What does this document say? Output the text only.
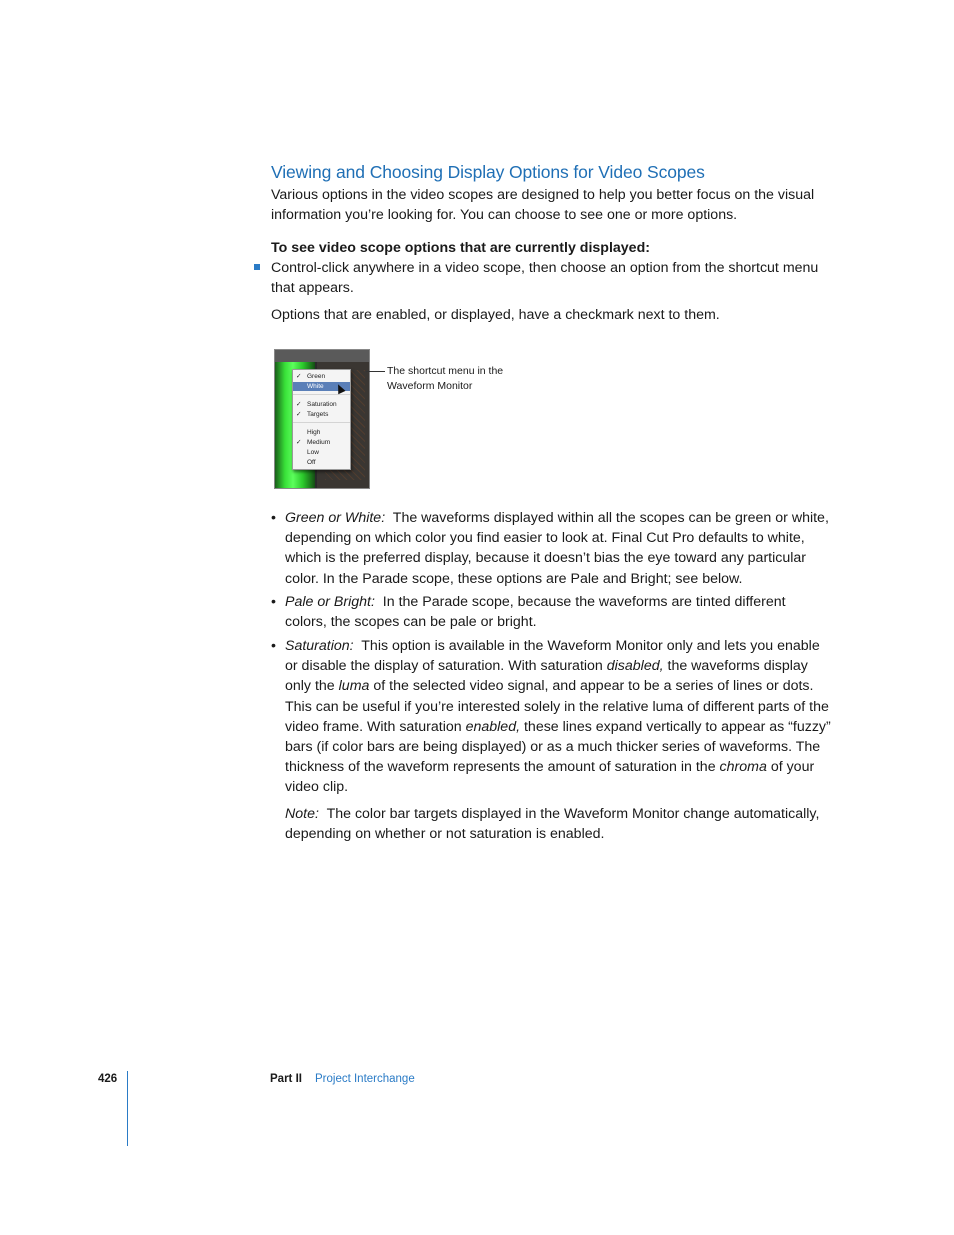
Viewing and Choosing Display Options for Video Scopes

Various options in the video scopes are designed to help you better focus on the visual information you’re looking for. You can choose to see one or more options.

To see video scope options that are currently displayed:

Control-click anywhere in a video scope, then choose an option from the shortcut menu that appears.

Options that are enabled, or displayed, have a checkmark next to them.

✓ Green
White
✓ Saturation
✓ Targets
High
✓ Medium
Low
Off
The shortcut menu in the Waveform Monitor
• Green or White: The waveforms displayed within all the scopes can be green or white, depending on which color you find easier to look at. Final Cut Pro defaults to white, which is the preferred display, because it doesn’t bias the eye toward any particular color. In the Parade scope, these options are Pale and Bright; see below.

• Pale or Bright: In the Parade scope, because the waveforms are tinted different colors, the scopes can be pale or bright.

• Saturation: This option is available in the Waveform Monitor only and lets you enable or disable the display of saturation. With saturation disabled, the waveforms display only the luma of the selected video signal, and appear to be a series of lines or dots. This can be useful if you’re interested solely in the relative luma of different parts of the video frame. With saturation enabled, these lines expand vertically to appear as “fuzzy” bars (if color bars are being displayed) or as a much thicker series of waveforms. The thickness of the waveform represents the amount of saturation in the chroma of your video clip.

Note: The color bar targets displayed in the Waveform Monitor change automatically, depending on whether or not saturation is enabled.

426	Part II Project Interchange
